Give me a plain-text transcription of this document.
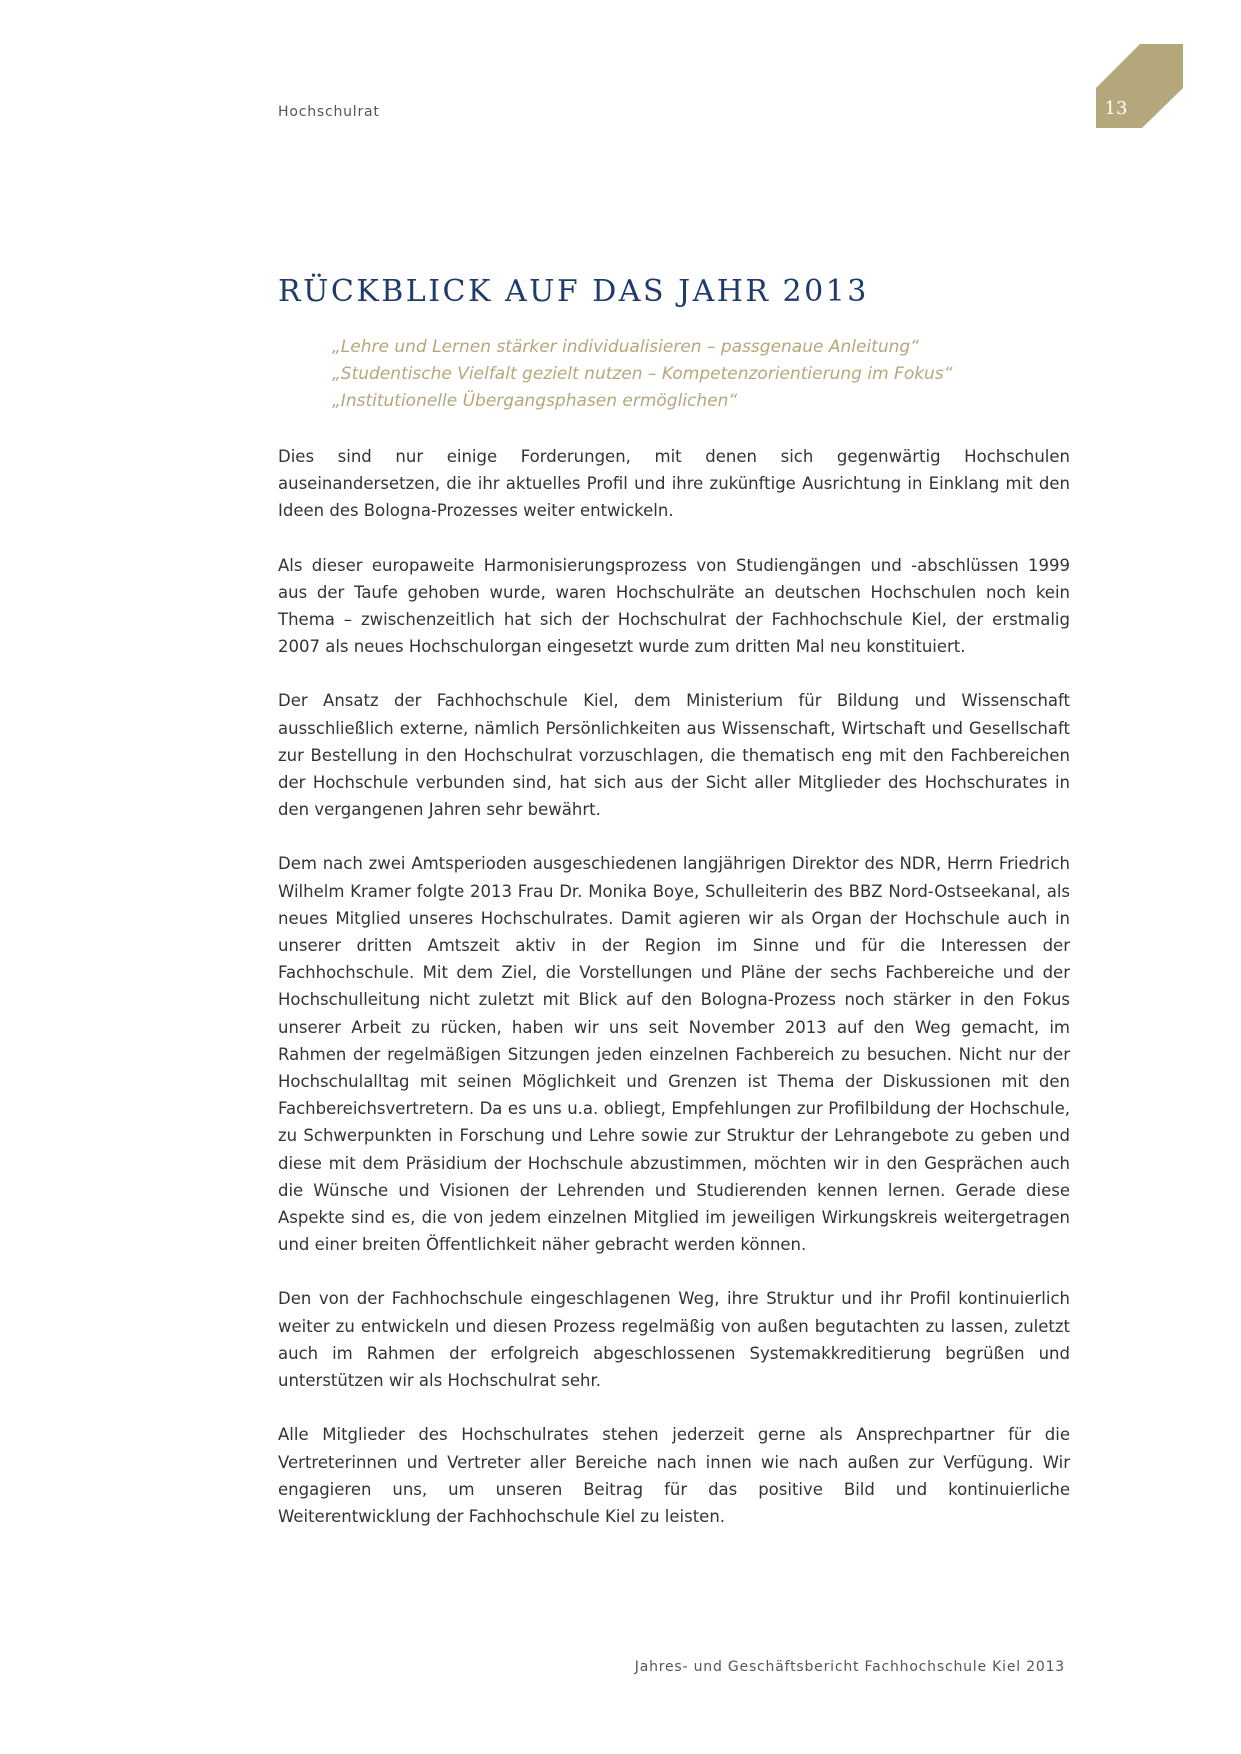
Hochschulrat	13
RÜCKBLICK AUF DAS JAHR 2013
„Lehre und Lernen stärker individualisieren – passgenaue Anleitung“
„Studentische Vielfalt gezielt nutzen – Kompetenzorientierung im Fokus“
„Institutionelle Übergangsphasen ermöglichen“

Dies sind nur einige Forderungen, mit denen sich gegenwärtig Hochschulen auseinandersetzen, die ihr aktuelles Profil und ihre zukünftige Ausrichtung in Einklang mit den Ideen des Bologna-Prozesses weiter entwickeln.

Als dieser europaweite Harmonisierungsprozess von Studiengängen und -abschlüssen 1999 aus der Taufe gehoben wurde, waren Hochschulräte an deutschen Hochschulen noch kein Thema – zwischenzeitlich hat sich der Hochschulrat der Fachhochschule Kiel, der erstmalig 2007 als neues Hochschulorgan eingesetzt wurde zum dritten Mal neu konstituiert.

Der Ansatz der Fachhochschule Kiel, dem Ministerium für Bildung und Wissenschaft ausschließlich externe, nämlich Persönlichkeiten aus Wissenschaft, Wirtschaft und Gesellschaft zur Bestellung in den Hochschulrat vorzuschlagen, die thematisch eng mit den Fachbereichen der Hochschule verbunden sind, hat sich aus der Sicht aller Mitglieder des Hochschurates in den vergangenen Jahren sehr bewährt.

Dem nach zwei Amtsperioden ausgeschiedenen langjährigen Direktor des NDR, Herrn Friedrich Wilhelm Kramer folgte 2013 Frau Dr. Monika Boye, Schulleiterin des BBZ Nord-Ostseekanal, als neues Mitglied unseres Hochschulrates. Damit agieren wir als Organ der Hochschule auch in unserer dritten Amtszeit aktiv in der Region im Sinne und für die Interessen der Fachhochschule. Mit dem Ziel, die Vorstellungen und Pläne der sechs Fachbereiche und der Hochschulleitung nicht zuletzt mit Blick auf den Bologna-Prozess noch stärker in den Fokus unserer Arbeit zu rücken, haben wir uns seit November 2013 auf den Weg gemacht, im Rahmen der regelmäßigen Sitzungen jeden einzelnen Fachbereich zu besuchen. Nicht nur der Hochschulalltag mit seinen Möglichkeit und Grenzen ist Thema der Diskussionen mit den Fachbereichsvertretern. Da es uns u.a. obliegt, Empfehlungen zur Profilbildung der Hochschule, zu Schwerpunkten in Forschung und Lehre sowie zur Struktur der Lehrangebote zu geben und diese mit dem Präsidium der Hochschule abzustimmen, möchten wir in den Gesprächen auch die Wünsche und Visionen der Lehrenden und Studierenden kennen lernen. Gerade diese Aspekte sind es, die von jedem einzelnen Mitglied im jeweiligen Wirkungskreis weitergetragen und einer breiten Öffentlichkeit näher gebracht werden können.

Den von der Fachhochschule eingeschlagenen Weg, ihre Struktur und ihr Profil kontinuierlich weiter zu entwickeln und diesen Prozess regelmäßig von außen begutachten zu lassen, zuletzt auch im Rahmen der erfolgreich abgeschlossenen Systemakkreditierung begrüßen und unterstützen wir als Hochschulrat sehr.

Alle Mitglieder des Hochschulrates stehen jederzeit gerne als Ansprechpartner für die Vertreterinnen und Vertreter aller Bereiche nach innen wie nach außen zur Verfügung. Wir engagieren uns, um unseren Beitrag für das positive Bild und kontinuierliche Weiterentwicklung der Fachhochschule Kiel zu leisten.

Jahres- und Geschäftsbericht Fachhochschule Kiel 2013
